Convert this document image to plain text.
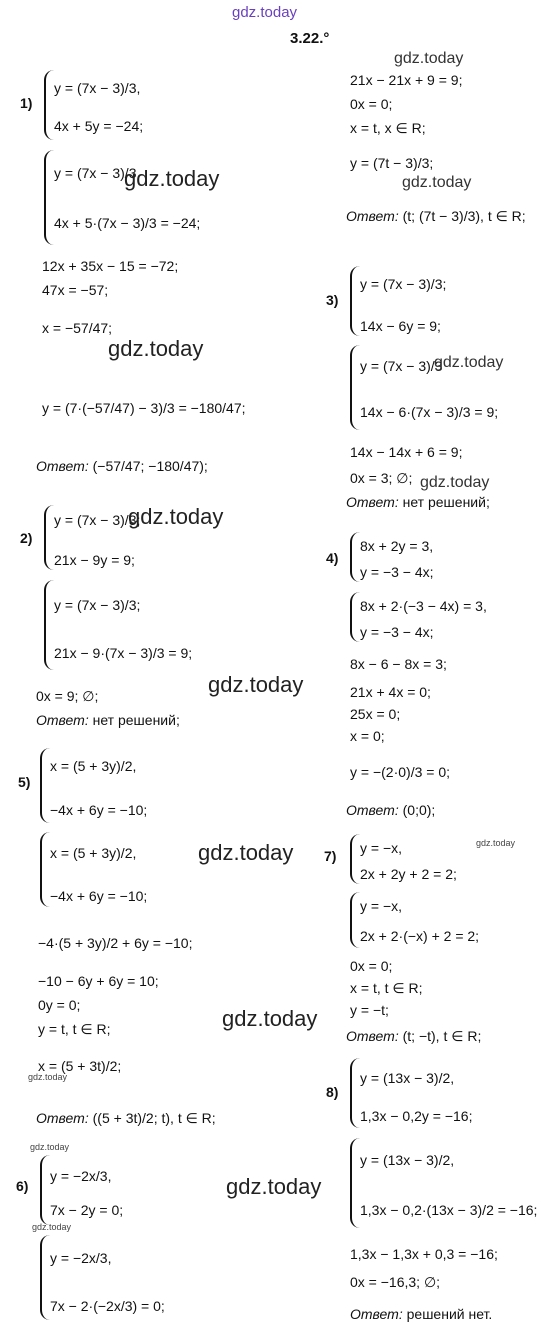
gdz.today
3.22.°
1)
y = (7x − 3)/3,
4x + 5y = −24;
y = (7x − 3)/3
4x + 5·(7x − 3)/3 = −24;
12x + 35x − 15 = −72;
47x = −57;
x = −57/47;
y = (7·(−57/47) − 3)/3 = −180/47;
Ответ: (−57/47; −180/47);
2)
y = (7x − 3)/3;
21x − 9y = 9;
y = (7x − 3)/3;
21x − 9·(7x − 3)/3 = 9;
0x = 9; ∅;
Ответ: нет решений;
5)
x = (5 + 3y)/2,
−4x + 6y = −10;
x = (5 + 3y)/2,
−4x + 6y = −10;
−4·(5 + 3y)/2 + 6y = −10;
−10 − 6y + 6y = 10;
0y = 0;
y = t, t ∈ R;
x = (5 + 3t)/2;
Ответ: ((5 + 3t)/2; t), t ∈ R;
6)
y = −2x/3,
7x − 2y = 0;
y = −2x/3,
7x − 2·(−2x/3) = 0;
21x − 21x + 9 = 9;
0x = 0;
x = t, x ∈ R;
y = (7t − 3)/3;
Ответ: (t; (7t − 3)/3), t ∈ R;
3)
y = (7x − 3)/3;
14x − 6y = 9;
y = (7x − 3)/3
14x − 6·(7x − 3)/3 = 9;
14x − 14x + 6 = 9;
0x = 3; ∅;
Ответ: нет решений;
4)
8x + 2y = 3,
y = −3 − 4x;
8x + 2·(−3 − 4x) = 3,
y = −3 − 4x;
8x − 6 − 8x = 3;
21x + 4x = 0;
25x = 0;
x = 0;
y = −(2·0)/3 = 0;
Ответ: (0;0);
7) y = −x,
2x + 2y + 2 = 2;
y = −x,
2x + 2·(−x) + 2 = 2;
0x = 0;
x = t, t ∈ R;
y = −t;
Ответ: (t; −t), t ∈ R;
8)
y = (13x − 3)/2,
1,3x − 0,2y = −16;
y = (13x − 3)/2,
1,3x − 0,2·(13x − 3)/2 = −16;
1,3x − 1,3x + 0,3 = −16;
0x = −16,3; ∅;
Ответ: решений нет.
gdz.today
gdz.today	gdz.today
gdz.today
gdz.today
gdz.today
gdz.today
gdz.today
gdz.today
gdz.today
gdz.today
gdz.today
gdz.today
gdz.today
gdz.today
